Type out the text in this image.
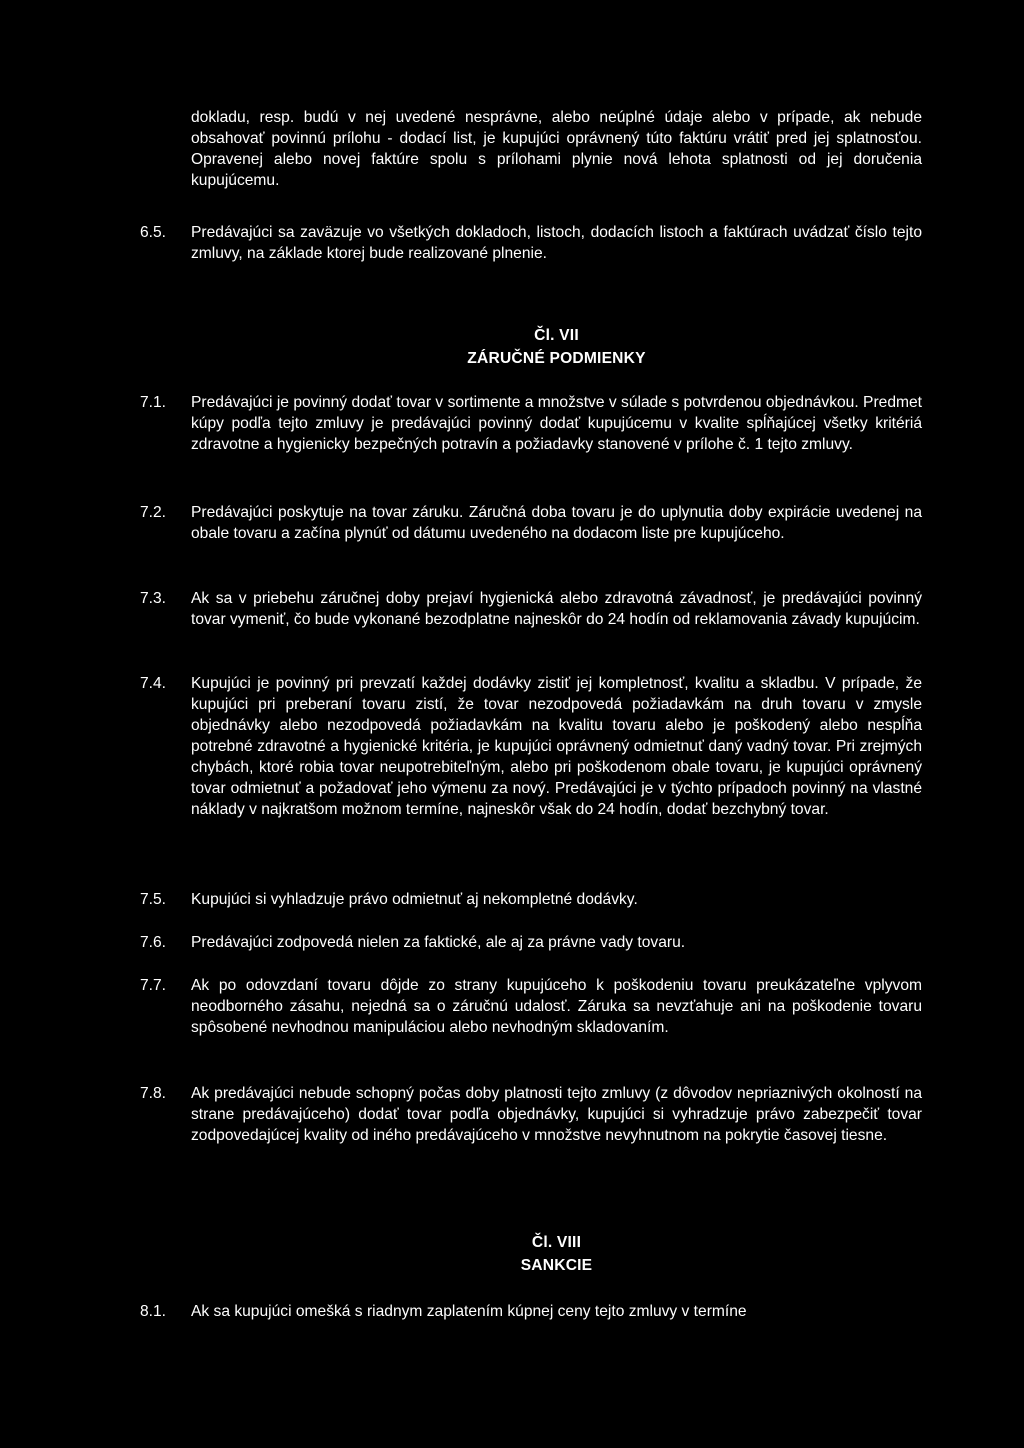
dokladu, resp. budú v nej uvedené nesprávne, alebo neúplné údaje alebo v prípade, ak nebude obsahovať povinnú prílohu - dodací list, je kupujúci oprávnený túto faktúru vrátiť pred jej splatnosťou. Opravenej alebo novej faktúre spolu s prílohami plynie nová lehota splatnosti od jej doručenia kupujúcemu.
6.5.	Predávajúci sa zaväzuje vo všetkých dokladoch, listoch, dodacích listoch a faktúrach uvádzať číslo tejto zmluvy, na základe ktorej bude realizované plnenie.
Čl. VII
ZÁRUČNÉ PODMIENKY
7.1.	Predávajúci je povinný dodať tovar v sortimente a množstve v súlade s potvrdenou objednávkou. Predmet kúpy podľa tejto zmluvy je predávajúci povinný dodať kupujúcemu v kvalite spĺňajúcej všetky kritériá zdravotne a hygienicky bezpečných potravín a požiadavky stanovené v prílohe č. 1 tejto zmluvy.
7.2.	Predávajúci poskytuje na tovar záruku. Záručná doba tovaru je do uplynutia doby expirácie uvedenej na obale tovaru a začína plynúť od dátumu uvedeného na dodacom liste pre kupujúceho.
7.3.	Ak sa v priebehu záručnej doby prejaví hygienická alebo zdravotná závadnosť, je predávajúci povinný tovar vymeniť, čo bude vykonané bezodplatne najneskôr do 24 hodín od reklamovania závady kupujúcim.
7.4.	Kupujúci je povinný pri prevzatí každej dodávky zistiť jej kompletnosť, kvalitu a skladbu. V prípade, že kupujúci pri preberaní tovaru zistí, že tovar nezodpovedá požiadavkám na druh tovaru v zmysle objednávky alebo nezodpovedá požiadavkám na kvalitu tovaru alebo je poškodený alebo nespĺňa potrebné zdravotné a hygienické kritéria, je kupujúci oprávnený odmietnuť daný vadný tovar. Pri zrejmých chybách, ktoré robia tovar neupotrebiteľným, alebo pri poškodenom obale tovaru, je kupujúci oprávnený tovar odmietnuť a požadovať jeho výmenu za nový. Predávajúci je v týchto prípadoch povinný na vlastné náklady v najkratšom možnom termíne, najneskôr však do 24 hodín, dodať bezchybný tovar.
7.5.	Kupujúci si vyhladzuje právo odmietnuť aj nekompletné dodávky.
7.6.	Predávajúci zodpovedá nielen za faktické, ale aj za právne vady tovaru.
7.7.	Ak po odovzdaní tovaru dôjde zo strany kupujúceho k poškodeniu tovaru preukázateľne vplyvom neodborného zásahu, nejedná sa o záručnú udalosť. Záruka sa nevzťahuje ani na poškodenie tovaru spôsobené nevhodnou manipuláciou alebo nevhodným skladovaním.
7.8.	Ak predávajúci nebude schopný počas doby platnosti tejto zmluvy (z dôvodov nepriaznivých okolností na strane predávajúceho) dodať tovar podľa objednávky, kupujúci si vyhradzuje právo zabezpečiť tovar zodpovedajúcej kvality od iného predávajúceho v množstve nevyhnutnom na pokrytie časovej tiesne.
Čl. VIII
SANKCIE
8.1.	Ak sa kupujúci omešká s riadnym zaplatením kúpnej ceny tejto zmluvy v termíne
